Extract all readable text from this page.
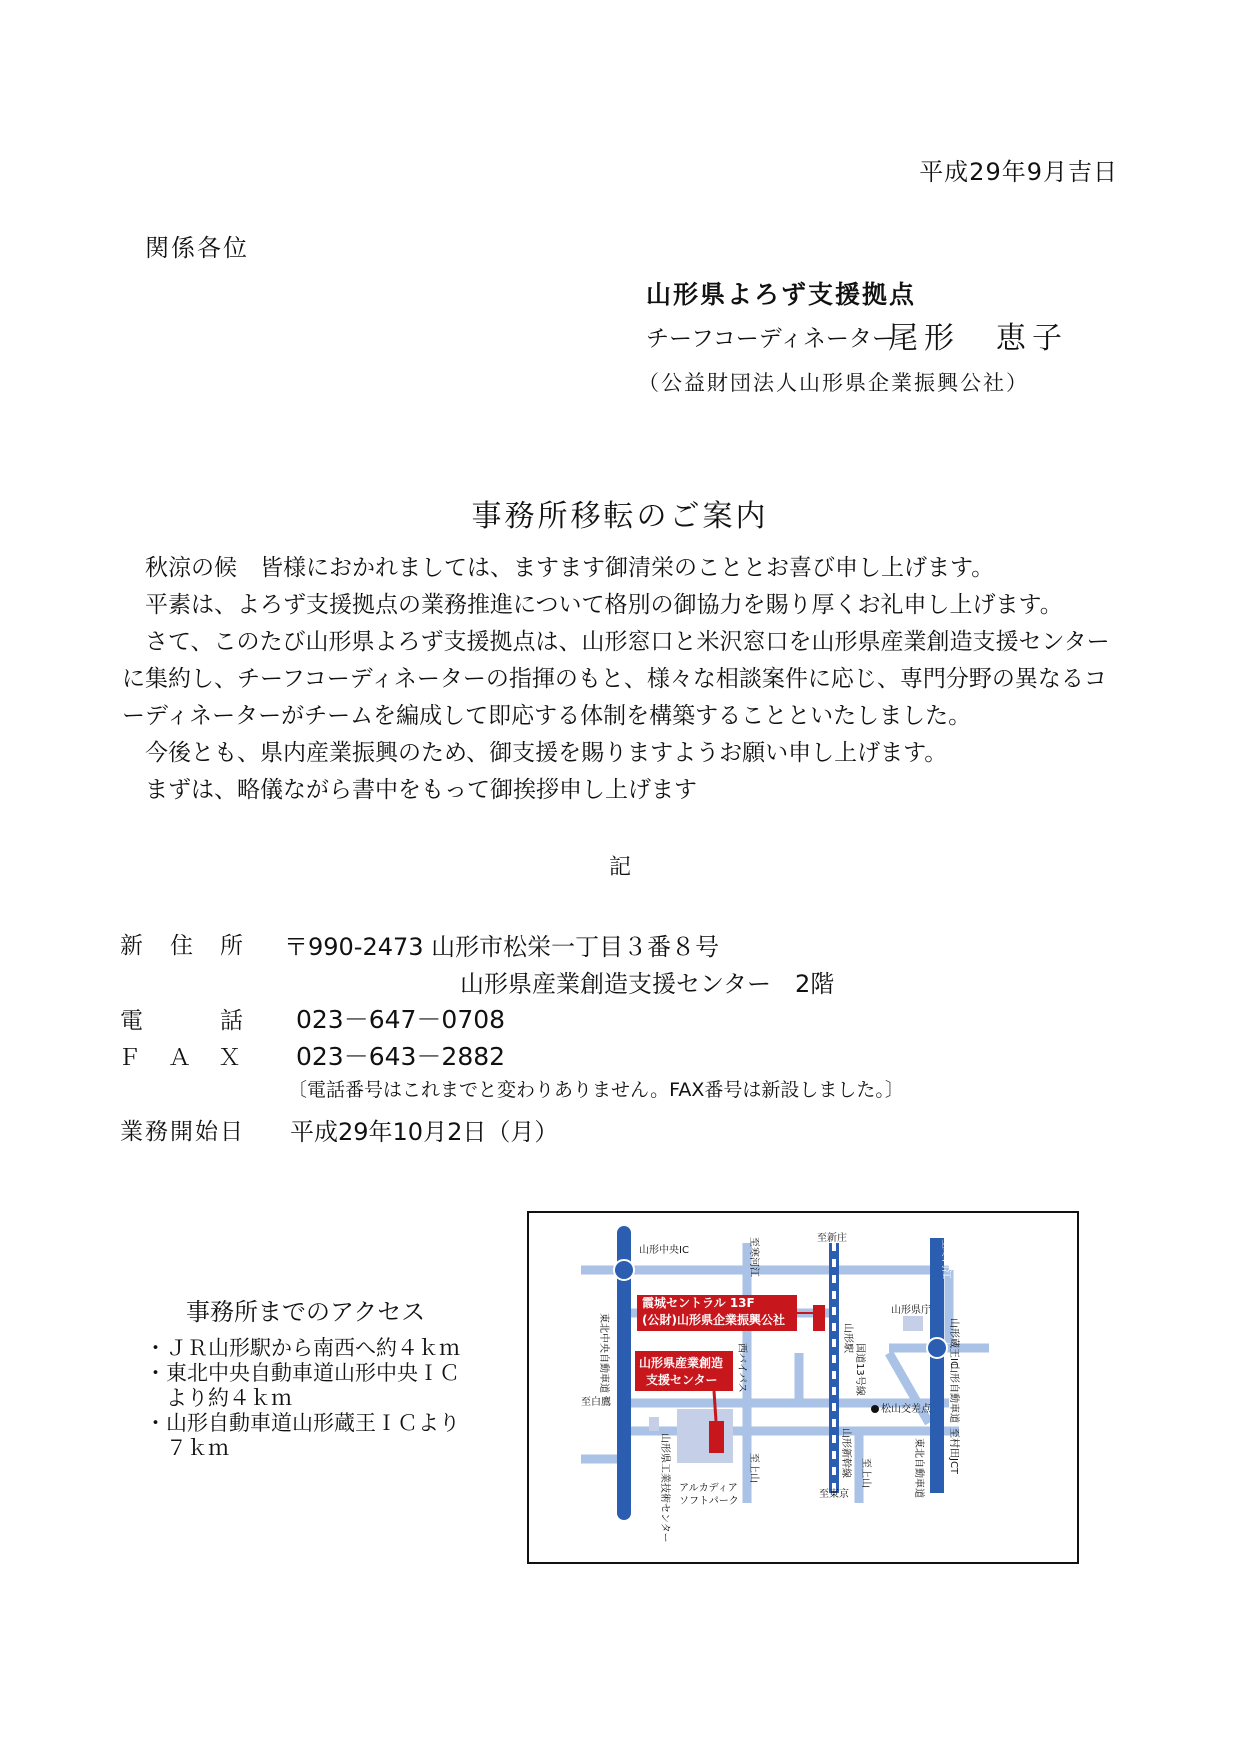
平成29年9月吉日
関係各位
山形県よろず支援拠点
チーフコーディネーター
尾形　恵子
（公益財団法人山形県企業振興公社）
事務所移転のご案内

　秋涼の候　皆様におかれましては、ますます御清栄のこととお喜び申し上げます。

　平素は、よろず支援拠点の業務推進について格別の御協力を賜り厚くお礼申し上げます。

　さて、このたび山形県よろず支援拠点は、山形窓口と米沢窓口を山形県産業創造支援センターに集約し、チーフコーディネーターの指揮のもと、様々な相談案件に応じ、専門分野の異なるコーディネーターがチームを編成して即応する体制を構築することといたしました。

　今後とも、県内産業振興のため、御支援を賜りますようお願い申し上げます。

　まずは、略儀ながら書中をもって御挨拶申し上げます

記
新　住　所 〒990-2473 山形市松栄一丁目３番８号
山形県産業創造支援センター　2階
電　　　話 023－647－0708
Ｆ　Ａ　Ｘ 023－643－2882
〔電話番号はこれまでと変わりありません。FAX番号は新設しました。〕
業務開始日 平成29年10月2日（月）
事務所までのアクセス
・ＪＲ山形駅から南西へ約４ｋｍ
・東北中央自動車道山形中央ＩＣ
　より約４ｋｍ
・山形自動車道山形蔵王ＩＣより
　７ｋｍ
山形中央IC
霞城セントラル 13F
(公財)山形県企業振興公社
山形県産業創造
支援センター
山形県庁
松山交差点
至白鷹
アルカディア
ソフトパーク
至新庄
至東京
東北中央自動車道	西バイパス
山形駅
国道13号線
山形蔵王IC
山形自動車道
至村田JCT
東北自動車道
至寒河江
至寒河江
山形県工業技術センター	至上山	山形新幹線 至上山
